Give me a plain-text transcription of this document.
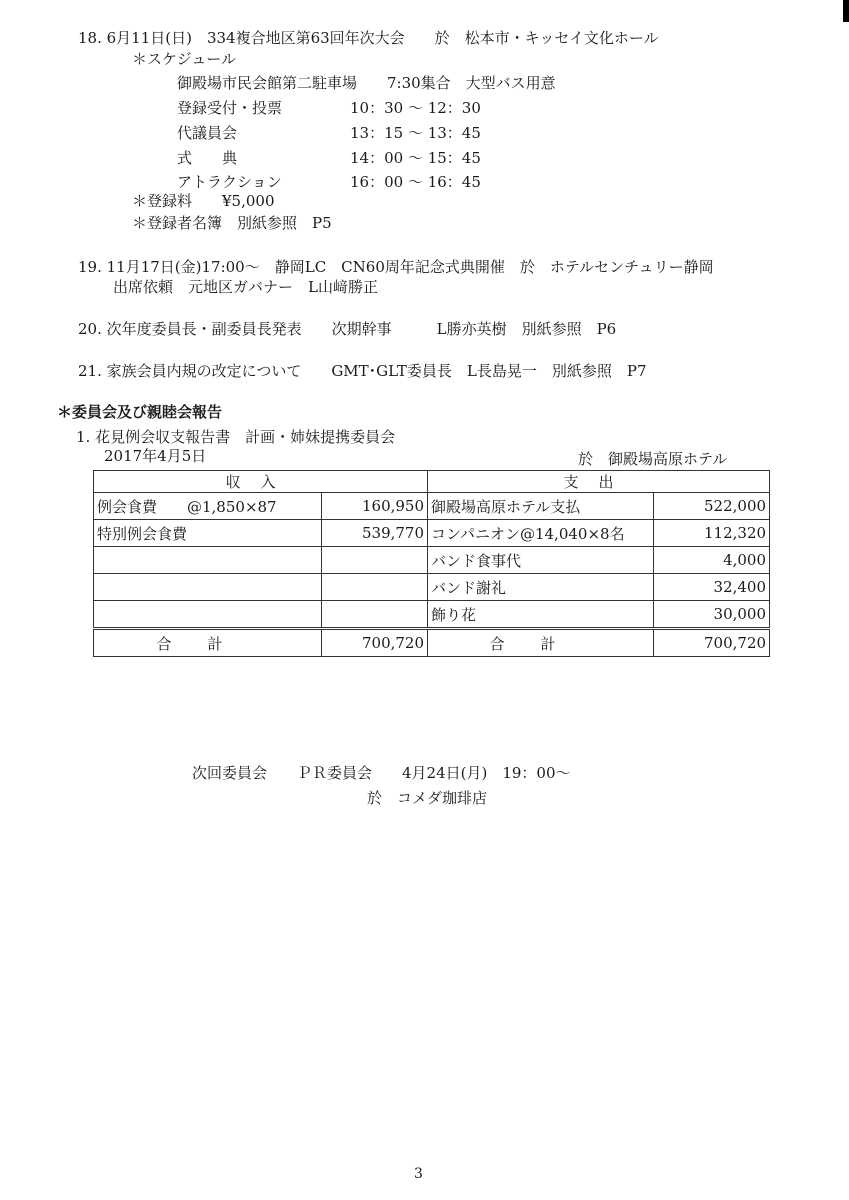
18. 6月11日(日)　334複合地区第63回年次大会　　於　松本市・キッセイ文化ホール
＊スケジュール
御殿場市民会館第二駐車場　　7:30集合　大型バス用意
登録受付・投票	10：30 ～ 12：30
代議員会	13：15 ～ 13：45
式　　典	14：00 ～ 15：45
アトラクション	16：00 ～ 16：45
＊登録料　　¥5,000
＊登録者名簿　別紙参照　P5
19. 11月17日(金)17:00～　静岡LC　CN60周年記念式典開催　於　ホテルセンチュリー静岡
出席依頼　元地区ガバナー　L山﨑勝正
20. 次年度委員長・副委員長発表　　次期幹事　　　L勝亦英樹　別紙参照　P6
21. 家族会員内規の改定について　　GMT･GLT委員長　L長島晃一　別紙参照　P7
＊委員会及び親睦会報告
1. 花見例会収支報告書　計画・姉妹提携委員会
2017年4月5日	於　御殿場高原ホテル
収入		支出	
例会食費　　@1,850×87	160,950	御殿場高原ホテル支払	522,000
特別例会食費	539,770	コンパニオン@14,040×8名	112,320
		バンド食事代	4,000
		バンド謝礼	32,400
		飾り花	30,000
合計	700,720	合計	700,720
次回委員会　　ＰＲ委員会　　4月24日(月)　19：00～
於　コメダ珈琲店
3
